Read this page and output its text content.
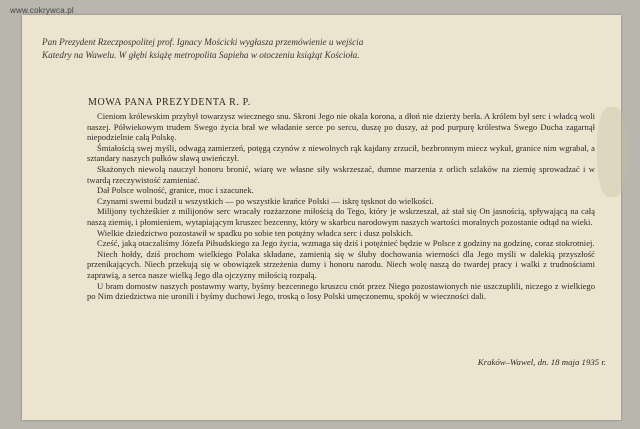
www.cokrywca.pl
Pan Prezydent Rzeczpospolitej prof. Ignacy Mościcki wygłasza przemówienie u wejścia Katedry na Wawelu. W głębi książę metropolita Sapieha w otoczeniu książąt Kościoła.
MOWA PANA PREZYDENTA R. P.

Cieniom królewskim przybył towarzysz wiecznego snu. Skroni Jego nie okala korona, a dłoń nie dzierży berła. A królem był serc i władcą woli naszej. Półwiekowym trudem Swego życia brał we władanie serce po sercu, duszę po duszy, aż pod purpurę królestwa Swego Ducha zagarnął niepodzielnie całą Polskę.

Śmiałością swej myśli, odwagą zamierzeń, potęgą czynów z niewolnych rąk kajdany zrzucił, bezbronnym miecz wykuł, granice nim wgrabał, a sztandary naszych pułków sławą uwieńczył.

Skażonych niewolą nauczył honoru bronić, wiarę we własne siły wskrzeszać, dumne marzenia z orlich szlaków na ziemię sprowadzać i w twardą rzeczywistość zamieniać.

Dał Polsce wolność, granice, moc i szacunek.

Czynami swemi budził u wszystkich — po wszystkie krańce Polski — iskrę tęsknot do wielkości.

Milijony tychżeśkier z milijonów serc wracały rozżarzone miłością do Tego, który je wskrzeszał, aż stał się On jasnością, spływającą na całą naszą ziemię, i płomieniem, wytapiającym kruszec bezcenny, który w skarbcu narodowym naszych wartości moralnych pozostanie odtąd na wieki.

Wielkie dziedzictwo pozostawił w spadku po sobie ten potężny władca serc i dusz polskich.

Cześć, jaką otaczaliśmy Józefa Piłsudskiego za Jego życia, wzmaga się dziś i potężnieć będzie w Polsce z godziny na godzinę, coraz stokrotniej.

Niech hołdy, dziś prochom wielkiego Polaka składane, zamienią się w śluby dochowania wierności dla Jego myśli w dalekią przyszłość przenikających. Niech przekują się w obowiązek strzeżenia dumy i honoru narodu. Niech wolę naszą do twardej pracy i walki z trudnościami zaprawią, a serca nasze wielką Jego dla ojczyzny miłością rozpalą.

U bram domostw naszych postawmy warty, byśmy bezcennego kruszcu cnót przez Niego pozostawionych nie uszczuplili, niczego z wielkiego po Nim dziedzictwa nie uronili i byśmy duchowi Jego, troską o losy Polski umęczonemu, spokój w wieczności dali.

Kraków–Wawel, dn. 18 maja 1935 r.
